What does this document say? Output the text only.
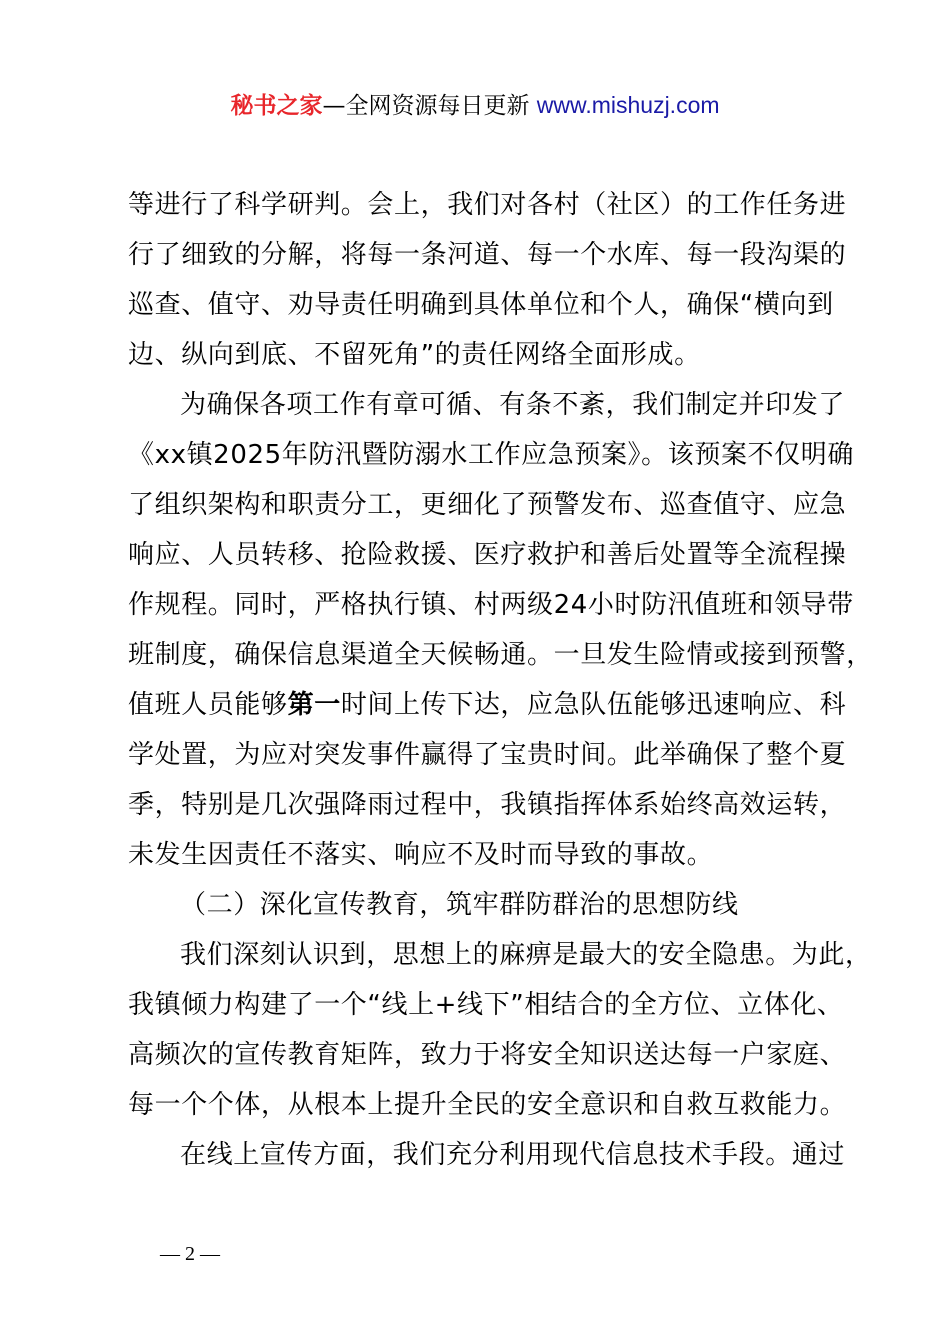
秘书之家—全网资源每日更新 www.mishuzj.com

等进行了科学研判。会上，我们对各村（社区）的工作任务进

行了细致的分解，将每一条河道、每一个水库、每一段沟渠的

巡查、值守、劝导责任明确到具体单位和个人，确保“横向到

边、纵向到底、不留死角”的责任网络全面形成。

为确保各项工作有章可循、有条不紊，我们制定并印发了

《xx镇2025年防汛暨防溺水工作应急预案》。该预案不仅明确

了组织架构和职责分工，更细化了预警发布、巡查值守、应急

响应、人员转移、抢险救援、医疗救护和善后处置等全流程操

作规程。同时，严格执行镇、村两级24小时防汛值班和领导带

班制度，确保信息渠道全天候畅通。一旦发生险情或接到预警，

值班人员能够第一时间上传下达，应急队伍能够迅速响应、科

学处置，为应对突发事件赢得了宝贵时间。此举确保了整个夏

季，特别是几次强降雨过程中，我镇指挥体系始终高效运转，

未发生因责任不落实、响应不及时而导致的事故。

（二）深化宣传教育，筑牢群防群治的思想防线

我们深刻认识到，思想上的麻痹是最大的安全隐患。为此，

我镇倾力构建了一个“线上+线下”相结合的全方位、立体化、

高频次的宣传教育矩阵，致力于将安全知识送达每一户家庭、

每一个个体，从根本上提升全民的安全意识和自救互救能力。

在线上宣传方面，我们充分利用现代信息技术手段。通过

— 2 —
